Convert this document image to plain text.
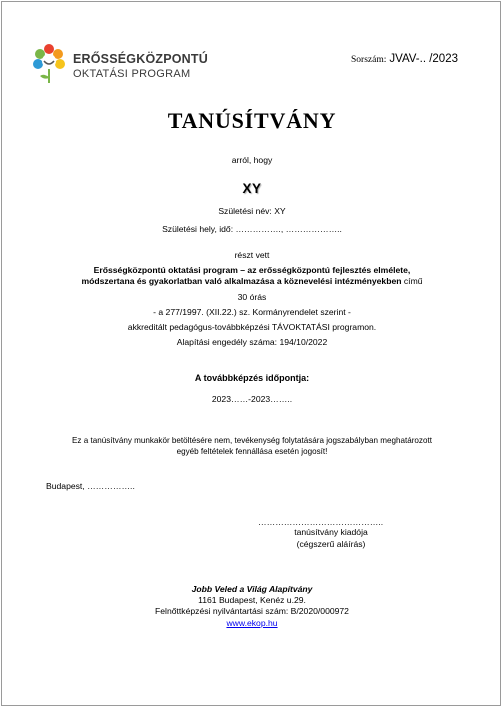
ERŐSSÉGKÖZPONTÚ
OKTATÁSI PROGRAM
Sorszám: JVAV-.. /2023
TANÚSÍTVÁNY
arról, hogy
XY
Születési név: XY
Születési hely, idő: ……………., ………………..
részt vett
Erősségközpontú oktatási program – az erősségközpontú fejlesztés elmélete,
módszertana és gyakorlatban való alkalmazása a köznevelési intézményekben című
30 órás
- a 277/1997. (XII.22.) sz. Kormányrendelet szerint -
akkreditált pedagógus-továbbképzési TÁVOKTATÁSI programon.
Alapítási engedély száma: 194/10/2022
A továbbképzés időpontja:
2023……-2023……..
Ez a tanúsítvány munkakör betöltésére nem, tevékenység folytatására jogszabályban meghatározott
egyéb feltételek fennállása esetén jogosít!
Budapest, ……………..
……………………………………..
tanúsítvány kiadója
(cégszerű aláírás)
Jobb Veled a Világ Alapítvány
1161 Budapest, Kenéz u.29.
Felnőttképzési nyilvántartási szám: B/2020/000972
www.ekop.hu
